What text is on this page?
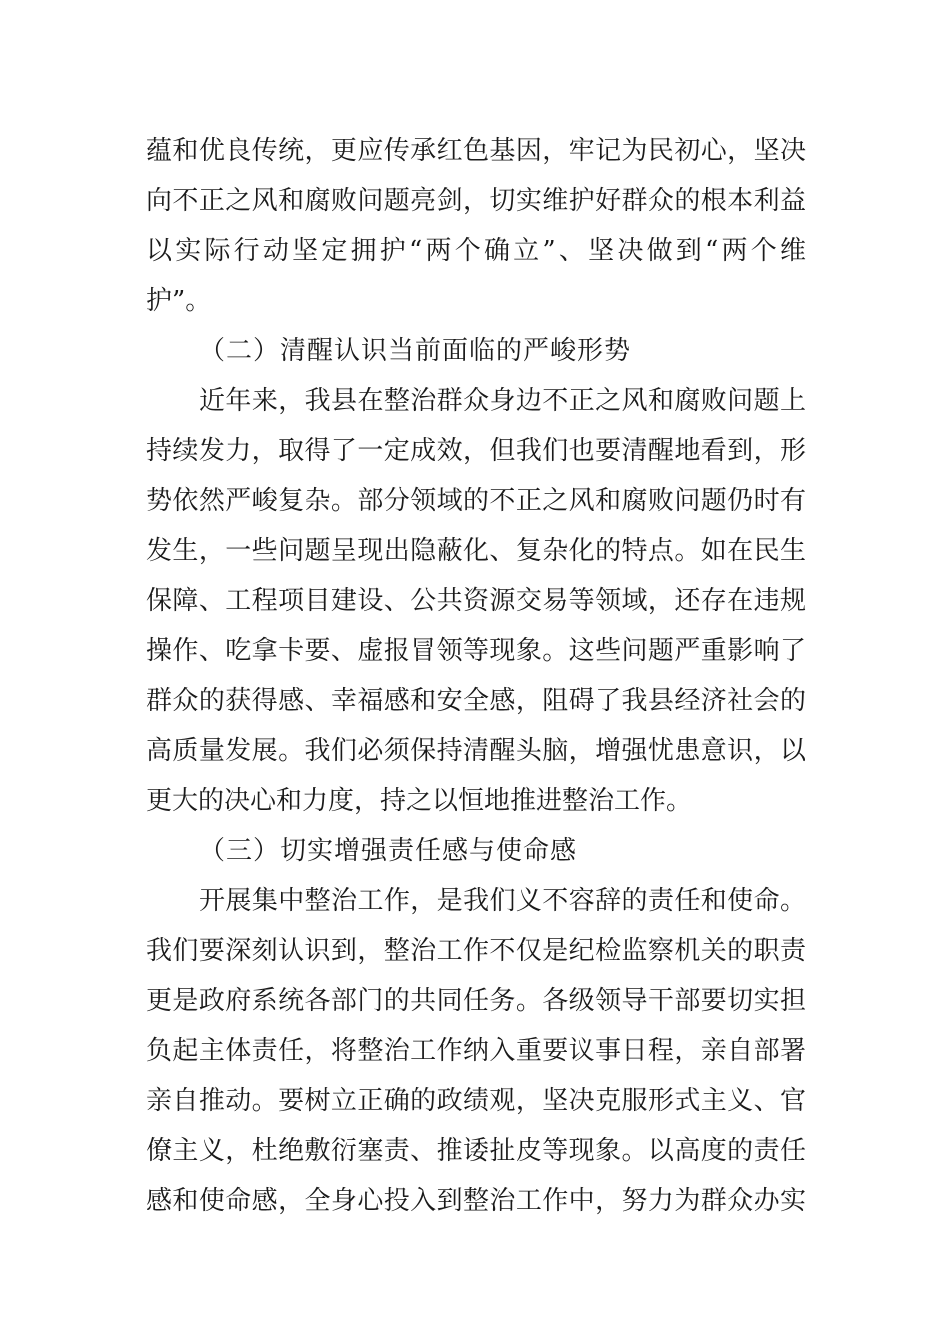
蕴和优良传统，更应传承红色基因，牢记为民初心，坚决
向不正之风和腐败问题亮剑，切实维护好群众的根本利益
以实际行动坚定拥护“两个确立”、坚决做到“两个维
护”。
（二）清醒认识当前面临的严峻形势
近年来，我县在整治群众身边不正之风和腐败问题上
持续发力，取得了一定成效，但我们也要清醒地看到，形
势依然严峻复杂。部分领域的不正之风和腐败问题仍时有
发生，一些问题呈现出隐蔽化、复杂化的特点。如在民生
保障、工程项目建设、公共资源交易等领域，还存在违规
操作、吃拿卡要、虚报冒领等现象。这些问题严重影响了
群众的获得感、幸福感和安全感，阻碍了我县经济社会的
高质量发展。我们必须保持清醒头脑，增强忧患意识，以
更大的决心和力度，持之以恒地推进整治工作。
（三）切实增强责任感与使命感
开展集中整治工作，是我们义不容辞的责任和使命。
我们要深刻认识到，整治工作不仅是纪检监察机关的职责
更是政府系统各部门的共同任务。各级领导干部要切实担
负起主体责任，将整治工作纳入重要议事日程，亲自部署
亲自推动。要树立正确的政绩观，坚决克服形式主义、官
僚主义，杜绝敷衍塞责、推诿扯皮等现象。以高度的责任
感和使命感，全身心投入到整治工作中，努力为群众办实
